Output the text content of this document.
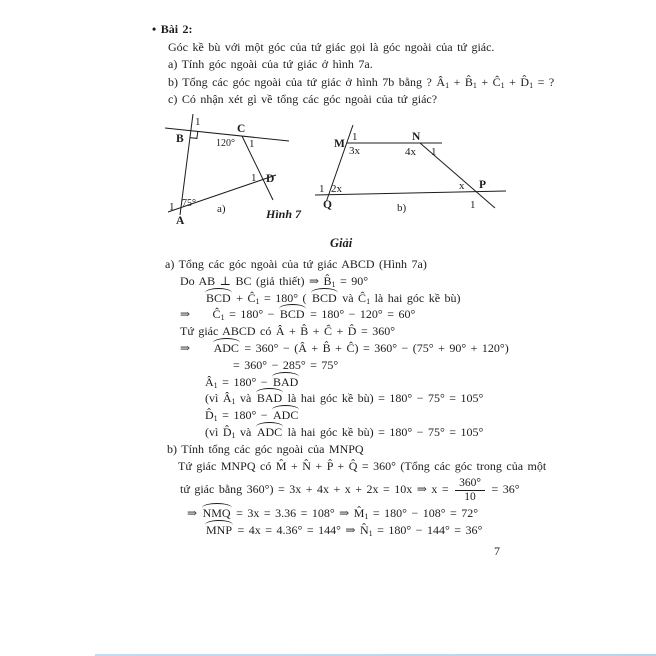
• Bài 2:
Góc kề bù với một góc của tứ giác gọi là góc ngoài của tứ giác.
a) Tính góc ngoài của tứ giác ở hình 7a.
b) Tổng các góc ngoài của tứ giác ở hình 7b bằng ? $Â_1$ + $B̂_1$ + $Ĉ_1$ + $D̂_1$ = ?
c) Có nhận xét gì về tổng các góc ngoài của tứ giác?
1
B
C
120° 1
1 D
1 75°
A
a)
1
M
3x
N
4x 1
1 2x
Q
x P
1
b)
Hình 7
Giải
a) Tổng các góc ngoài của tứ giác ABCD (Hình 7a)
Do AB ⊥ BC (giả thiết) ⇒ $B̂_1 = 90^\circ$
BCD + $Ĉ_1 = 180^\circ$ ( BCD và $Ĉ_1$ là hai góc kề bù)
⇒     $Ĉ_1 = 180^\circ$ − BCD = 180° − 120° = 60°
Tứ giác ABCD có Â + B̂ + Ĉ + D̂ = 360°
⇒     ADC = 360° − (Â + B̂ + Ĉ) = 360° − (75° + 90° + 120°)
= 360° − 285° = 75°
$Â_1 = 180^\circ$ − BAD
(vì $Â_1$ và BAD là hai góc kề bù) = 180° − 75° = 105°
$D̂_1 = 180^\circ$ − ADC
(vì $D̂_1$ và ADC là hai góc kề bù) = 180° − 75° = 105°
b) Tính tổng các góc ngoài của MNPQ
Tứ giác MNPQ có M̂ + N̂ + P̂ + Q̂ = 360° (Tổng các góc trong của một
tứ giác bằng 360°) = 3x + 4x + x + 2x = 10x ⇒ $x = \frac{360^\circ}{10} = 36^\circ$
⇒ NMQ = 3x = 3.36 = 108° ⇒ $M̂_1 = 180^\circ - 108^\circ = 72^\circ$
MNP = 4x = 4.36° = 144° ⇒ $N̂_1 = 180^\circ - 144^\circ = 36^\circ$
7
